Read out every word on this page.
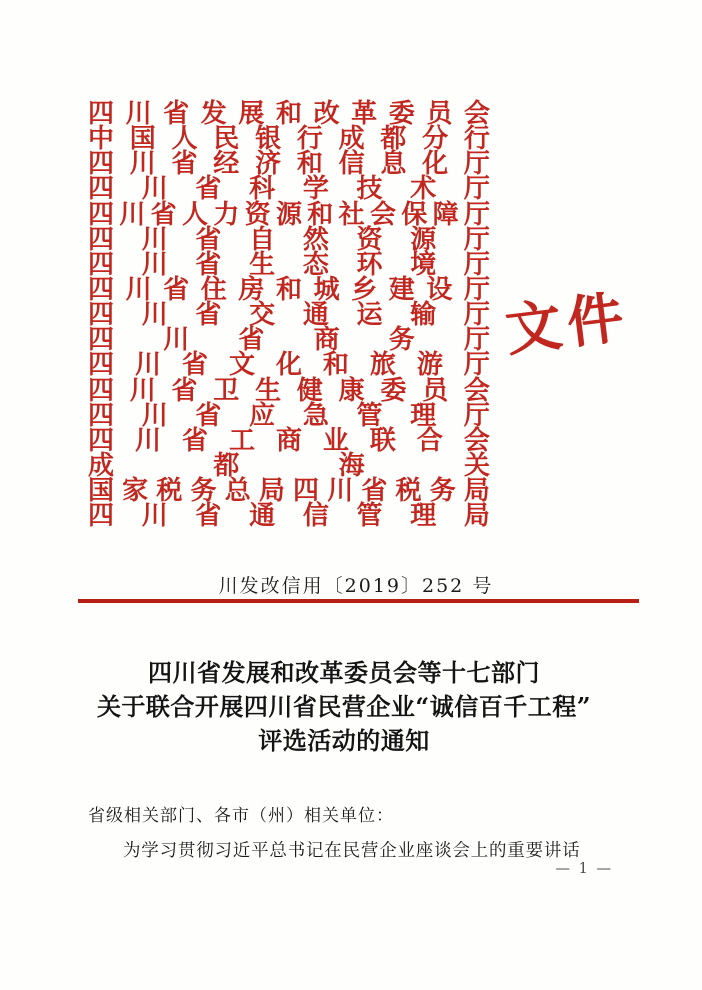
四 川 省 发 展 和 改 革 委 员 会
中 国 人 民 银 行 成 都 分 行
四 川 省 经 济 和 信 息 化 厅
四 川 省 科 学 技 术 厅
四 川 省 人 力 资 源 和 社 会 保 障 厅
四 川 省 自 然 资 源 厅
四 川 省 生 态 环 境 厅
四 川 省 住 房 和 城 乡 建 设 厅
四 川 省 交 通 运 输 厅
四 川 省 商 务 厅
四 川 省 文 化 和 旅 游 厅
四 川 省 卫 生 健 康 委 员 会
四 川 省 应 急 管 理 厅
四 川 省 工 商 业 联 合 会
成	都	海	关
国 家 税 务 总 局 四 川 省 税 务 局
四 川 省 通 信 管 理 局
文件
川发改信用〔2019〕252 号
四川省发展和改革委员会等十七部门
关于联合开展四川省民营企业“诚信百千工程”
评选活动的通知
省级相关部门、各市（州）相关单位：
为学习贯彻习近平总书记在民营企业座谈会上的重要讲话
— 1 —
